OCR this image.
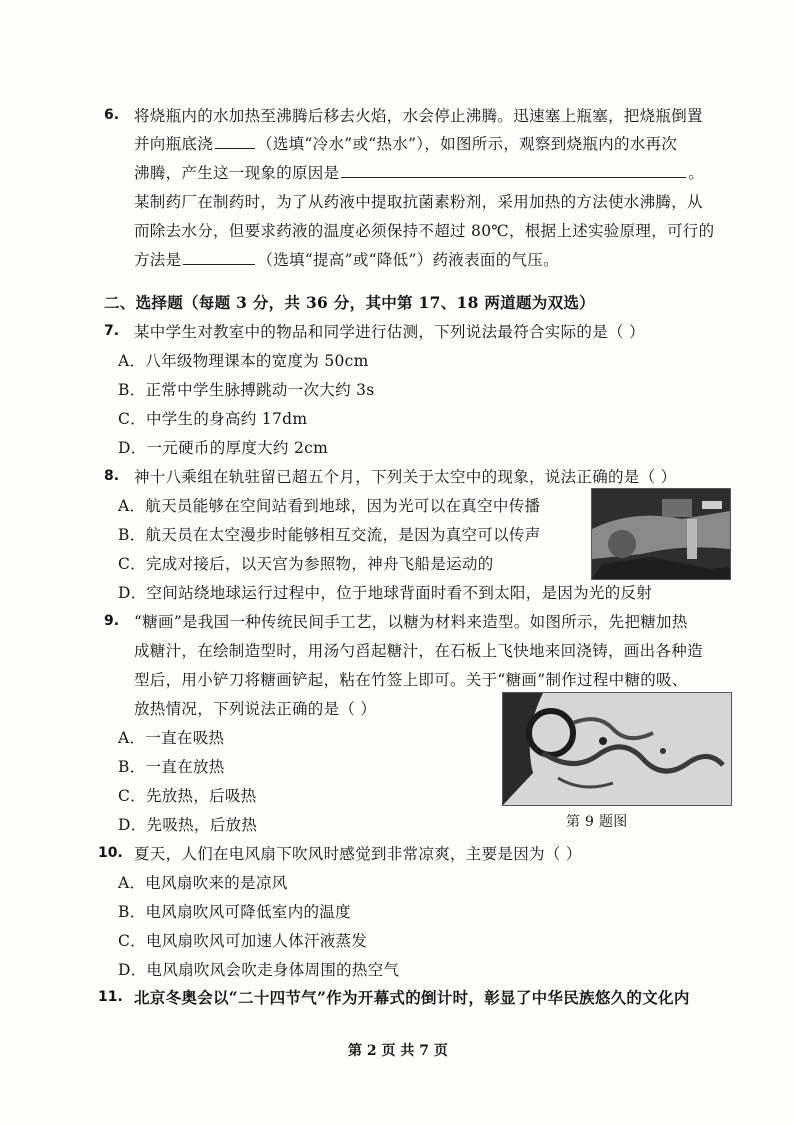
6. 将烧瓶内的水加热至沸腾后移去火焰，水会停止沸腾。迅速塞上瓶塞，把烧瓶倒置
并向瓶底浇	（选填“冷水”或“热水”），如图所示，观察到烧瓶内的水再次
沸腾，产生这一现象的原因是	。
某制药厂在制药时，为了从药液中提取抗菌素粉剂，采用加热的方法使水沸腾，从
而除去水分，但要求药液的温度必须保持不超过 80℃，根据上述实验原理，可行的
方法是	（选填“提高”或“降低”）药液表面的气压。
二、选择题（每题 3 分，共 36 分，其中第 17、18 两道题为双选）
7. 某中学生对教室中的物品和同学进行估测，下列说法最符合实际的是（ ）
A．八年级物理课本的宽度为 50cm
B．正常中学生脉搏跳动一次大约 3s
C．中学生的身高约 17dm
D．一元硬币的厚度大约 2cm
8. 神十八乘组在轨驻留已超五个月，下列关于太空中的现象，说法正确的是（ ）
A．航天员能够在空间站看到地球，因为光可以在真空中传播
B．航天员在太空漫步时能够相互交流，是因为真空可以传声
C．完成对接后，以天宫为参照物，神舟飞船是运动的
D．空间站绕地球运行过程中，位于地球背面时看不到太阳，是因为光的反射
9. “糖画”是我国一种传统民间手工艺，以糖为材料来造型。如图所示，先把糖加热
成糖汁，在绘制造型时，用汤勺舀起糖汁，在石板上飞快地来回浇铸，画出各种造
型后，用小铲刀将糖画铲起，粘在竹签上即可。关于“糖画”制作过程中糖的吸、
放热情况，下列说法正确的是（ ）
A．一直在吸热
B．一直在放热
C．先放热，后吸热
D．先吸热，后放热	第 9 题图
10. 夏天，人们在电风扇下吹风时感觉到非常凉爽，主要是因为（ ）
A．电风扇吹来的是凉风
B．电风扇吹风可降低室内的温度
C．电风扇吹风可加速人体汗液蒸发
D．电风扇吹风会吹走身体周围的热空气
11. 北京冬奥会以“二十四节气”作为开幕式的倒计时，彰显了中华民族悠久的文化内
第 2 页 共 7 页
